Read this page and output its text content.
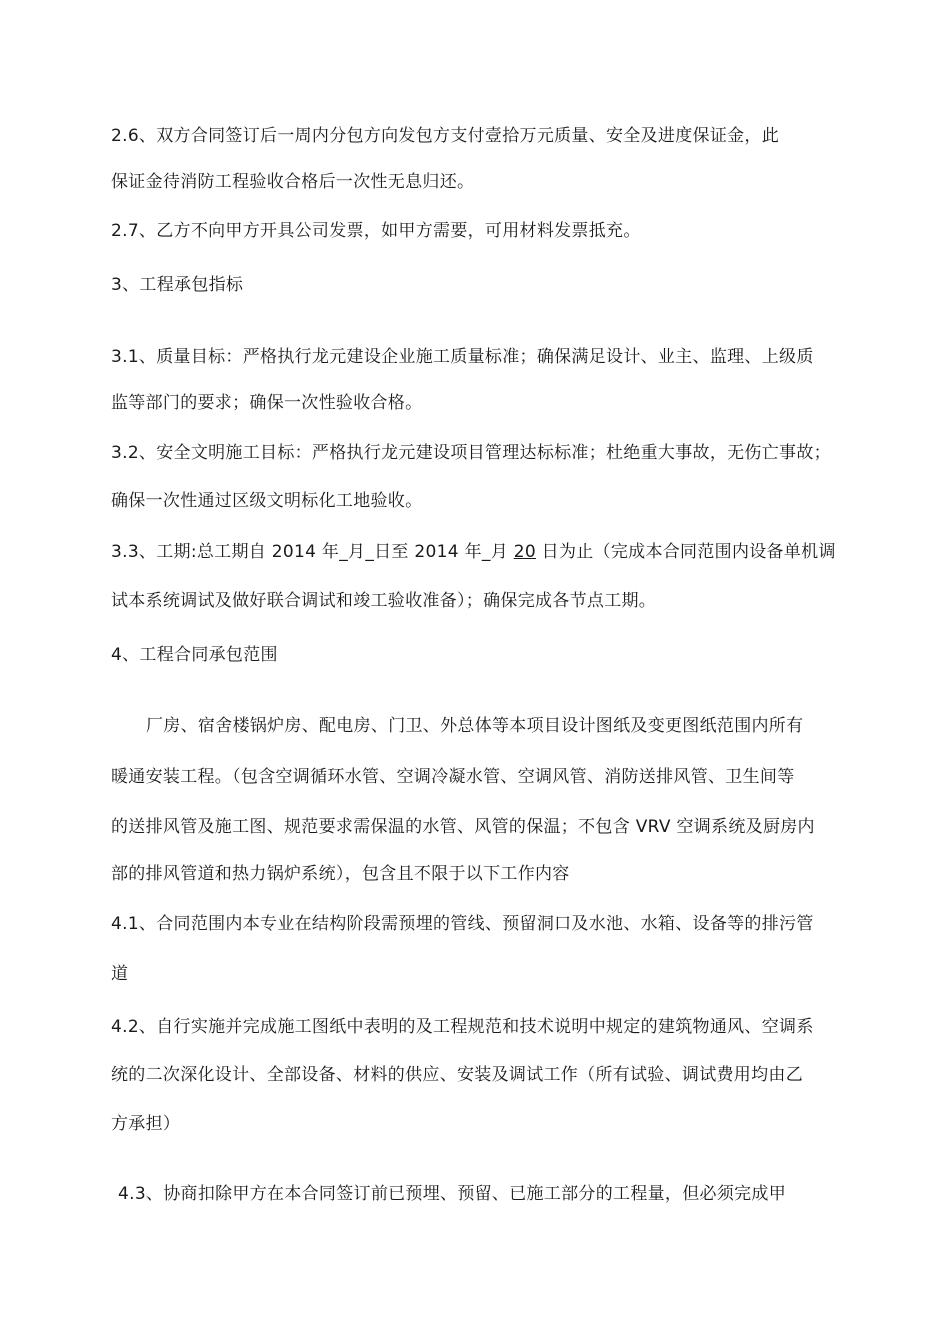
2.6、双方合同签订后一周内分包方向发包方支付壹拾万元质量、安全及进度保证金，此
保证金待消防工程验收合格后一次性无息归还。
2.7、乙方不向甲方开具公司发票，如甲方需要，可用材料发票抵充。
3、工程承包指标
3.1、质量目标：严格执行龙元建设企业施工质量标准；确保满足设计、业主、监理、上级质
监等部门的要求；确保一次性验收合格。
3.2、安全文明施工目标：严格执行龙元建设项目管理达标标准；杜绝重大事故，无伤亡事故；
确保一次性通过区级文明标化工地验收。
3.3、工期:总工期自 2014 年_月_日至 2014 年_月 20 日为止（完成本合同范围内设备单机调
试本系统调试及做好联合调试和竣工验收准备）；确保完成各节点工期。
4、工程合同承包范围
厂房、宿舍楼锅炉房、配电房、门卫、外总体等本项目设计图纸及变更图纸范围内所有
暖通安装工程。（包含空调循环水管、空调冷凝水管、空调风管、消防送排风管、卫生间等
的送排风管及施工图、规范要求需保温的水管、风管的保温；不包含 VRV 空调系统及厨房内
部的排风管道和热力锅炉系统），包含且不限于以下工作内容
4.1、合同范围内本专业在结构阶段需预埋的管线、预留洞口及水池、水箱、设备等的排污管
道
4.2、自行实施并完成施工图纸中表明的及工程规范和技术说明中规定的建筑物通风、空调系
统的二次深化设计、全部设备、材料的供应、安装及调试工作（所有试验、调试费用均由乙
方承担）
4.3、协商扣除甲方在本合同签订前已预埋、预留、已施工部分的工程量，但必须完成甲
